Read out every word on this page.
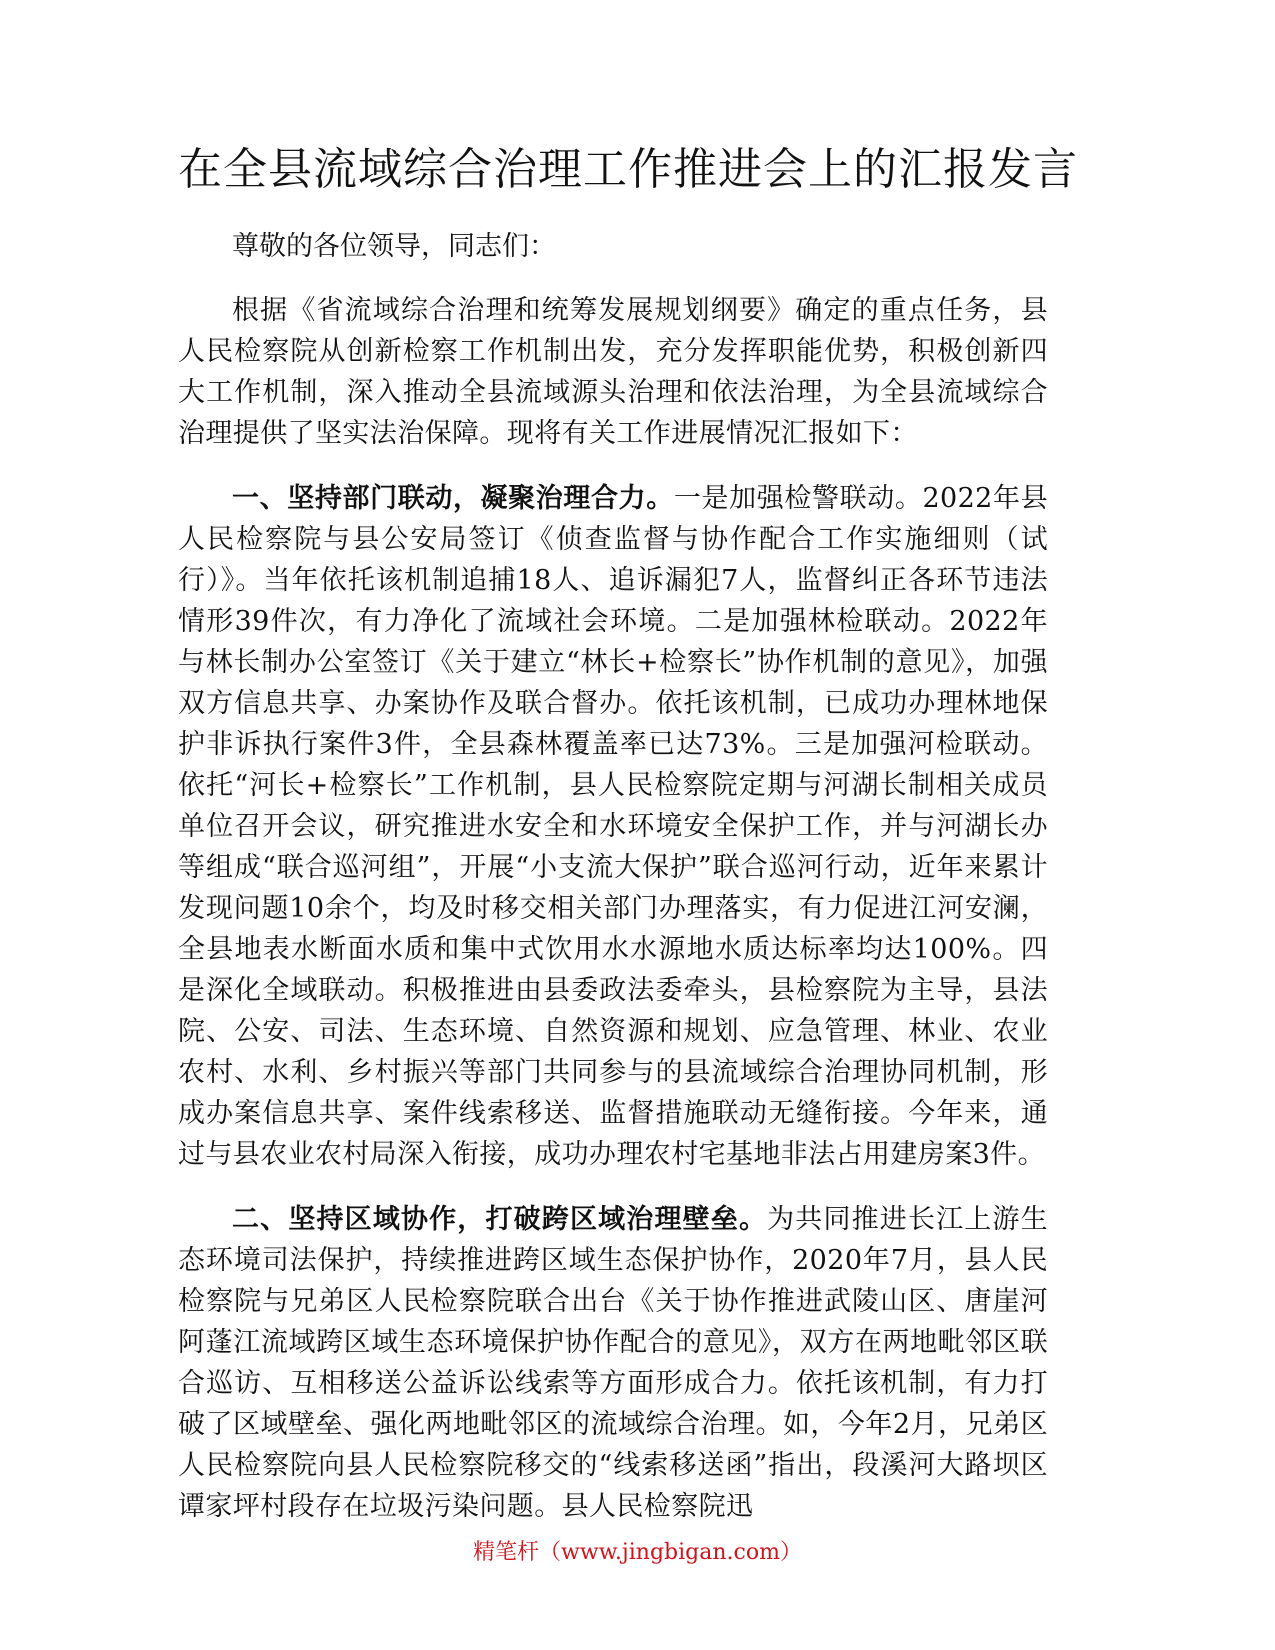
在全县流域综合治理工作推进会上的汇报发言

尊敬的各位领导，同志们：

根据《省流域综合治理和统筹发展规划纲要》确定的重点任务，县人民检察院从创新检察工作机制出发，充分发挥职能优势，积极创新四大工作机制，深入推动全县流域源头治理和依法治理，为全县流域综合治理提供了坚实法治保障。现将有关工作进展情况汇报如下：

一、坚持部门联动，凝聚治理合力。一是加强检警联动。2022年县人民检察院与县公安局签订《侦查监督与协作配合工作实施细则（试行）》。当年依托该机制追捕18人、追诉漏犯7人，监督纠正各环节违法情形39件次，有力净化了流域社会环境。二是加强林检联动。2022年与林长制办公室签订《关于建立“林长+检察长”协作机制的意见》，加强双方信息共享、办案协作及联合督办。依托该机制，已成功办理林地保护非诉执行案件3件，全县森林覆盖率已达73%。三是加强河检联动。依托“河长+检察长”工作机制，县人民检察院定期与河湖长制相关成员单位召开会议，研究推进水安全和水环境安全保护工作，并与河湖长办等组成“联合巡河组”，开展“小支流大保护”联合巡河行动，近年来累计发现问题10余个，均及时移交相关部门办理落实，有力促进江河安澜，全县地表水断面水质和集中式饮用水水源地水质达标率均达100%。四是深化全域联动。积极推进由县委政法委牵头，县检察院为主导，县法院、公安、司法、生态环境、自然资源和规划、应急管理、林业、农业农村、水利、乡村振兴等部门共同参与的县流域综合治理协同机制，形成办案信息共享、案件线索移送、监督措施联动无缝衔接。今年来，通过与县农业农村局深入衔接，成功办理农村宅基地非法占用建房案3件。

二、坚持区域协作，打破跨区域治理壁垒。为共同推进长江上游生态环境司法保护，持续推进跨区域生态保护协作，2020年7月，县人民检察院与兄弟区人民检察院联合出台《关于协作推进武陵山区、唐崖河阿蓬江流域跨区域生态环境保护协作配合的意见》，双方在两地毗邻区联合巡访、互相移送公益诉讼线索等方面形成合力。依托该机制，有力打破了区域壁垒、强化两地毗邻区的流域综合治理。如，今年2月，兄弟区人民检察院向县人民检察院移交的“线索移送函”指出，段溪河大路坝区谭家坪村段存在垃圾污染问题。县人民检察院迅

精笔杆（www.jingbigan.com）
